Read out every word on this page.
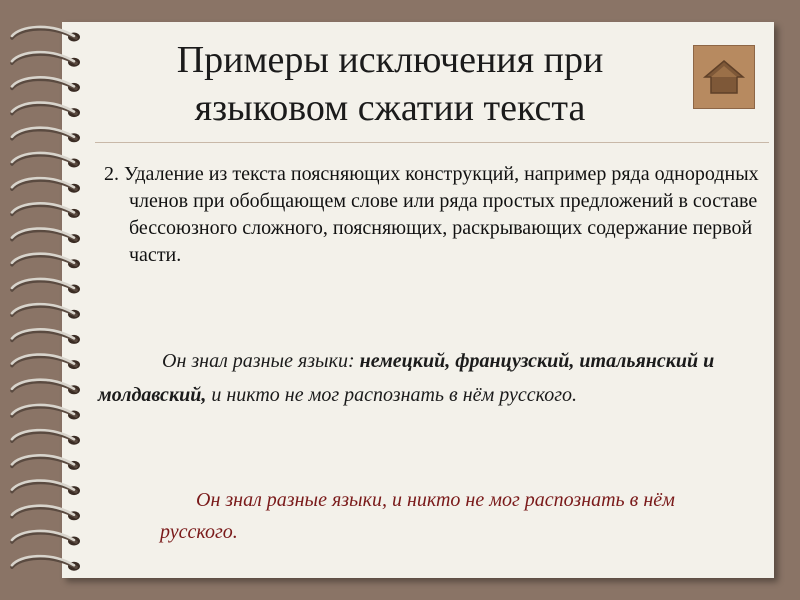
Примеры исключения при
языковом сжатии текста
2. Удаление из текста поясняющих конструкций, например ряда однородных членов при обобщающем слове или ряда простых предложений в составе бессоюзного сложного, поясняющих, раскрывающих содержание первой части.
Он знал разные языки: немецкий, французский, итальянский и молдавский, и никто не мог распознать в нём русского.
Он знал разные языки, и никто не мог распознать в нём русского.
